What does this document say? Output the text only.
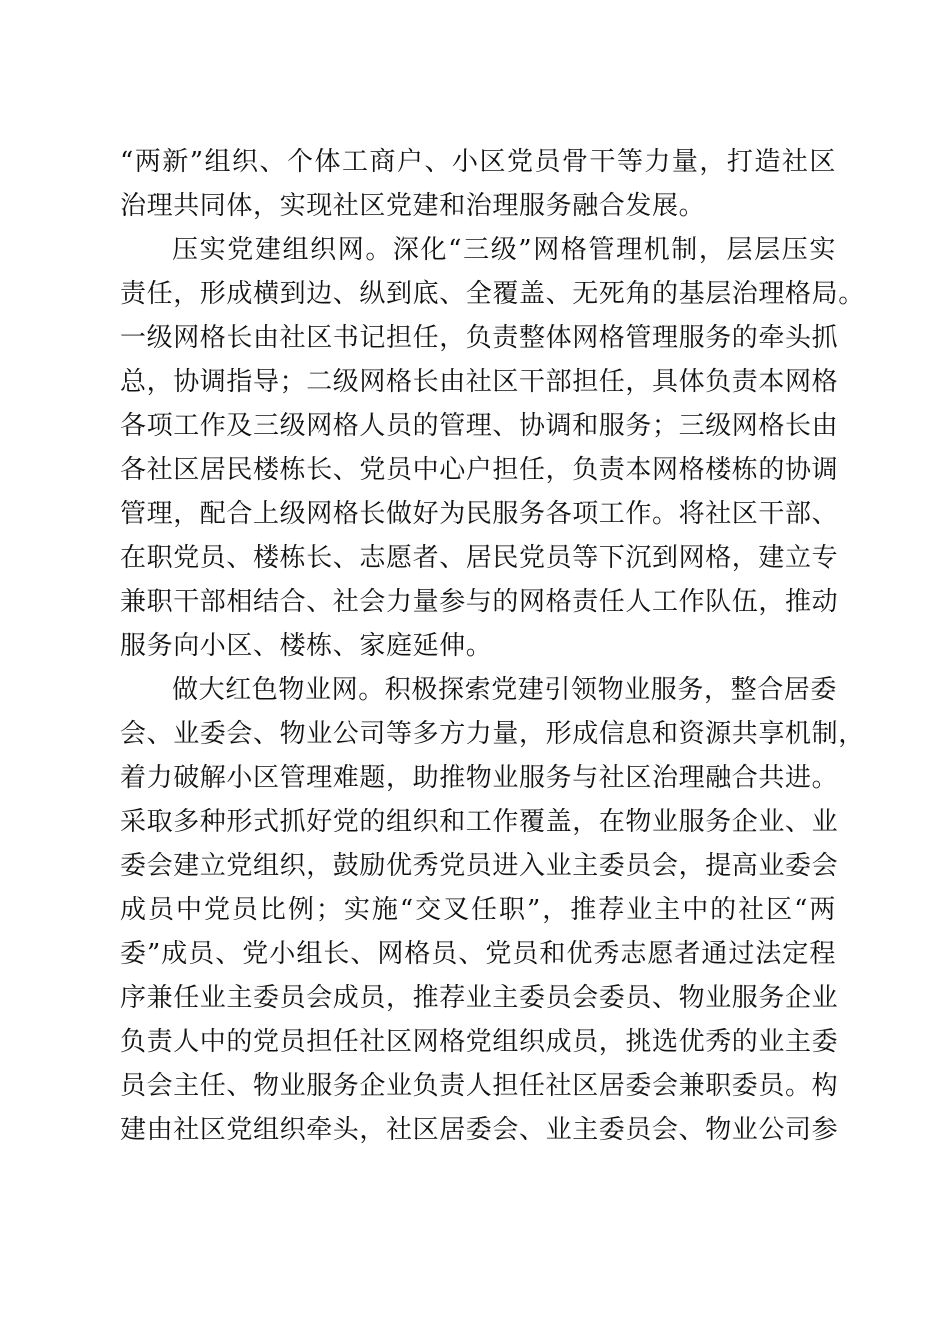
“两新”组织、个体工商户、小区党员骨干等力量，打造社区
治理共同体，实现社区党建和治理服务融合发展。
压实党建组织网。深化“三级”网格管理机制，层层压实
责任，形成横到边、纵到底、全覆盖、无死角的基层治理格局。
一级网格长由社区书记担任，负责整体网格管理服务的牵头抓
总，协调指导；二级网格长由社区干部担任，具体负责本网格
各项工作及三级网格人员的管理、协调和服务；三级网格长由
各社区居民楼栋长、党员中心户担任，负责本网格楼栋的协调
管理，配合上级网格长做好为民服务各项工作。将社区干部、
在职党员、楼栋长、志愿者、居民党员等下沉到网格，建立专
兼职干部相结合、社会力量参与的网格责任人工作队伍，推动
服务向小区、楼栋、家庭延伸。
做大红色物业网。积极探索党建引领物业服务，整合居委
会、业委会、物业公司等多方力量，形成信息和资源共享机制，
着力破解小区管理难题，助推物业服务与社区治理融合共进。
采取多种形式抓好党的组织和工作覆盖，在物业服务企业、业
委会建立党组织，鼓励优秀党员进入业主委员会，提高业委会
成员中党员比例；实施“交叉任职”，推荐业主中的社区“两
委”成员、党小组长、网格员、党员和优秀志愿者通过法定程
序兼任业主委员会成员，推荐业主委员会委员、物业服务企业
负责人中的党员担任社区网格党组织成员，挑选优秀的业主委
员会主任、物业服务企业负责人担任社区居委会兼职委员。构
建由社区党组织牵头，社区居委会、业主委员会、物业公司参
